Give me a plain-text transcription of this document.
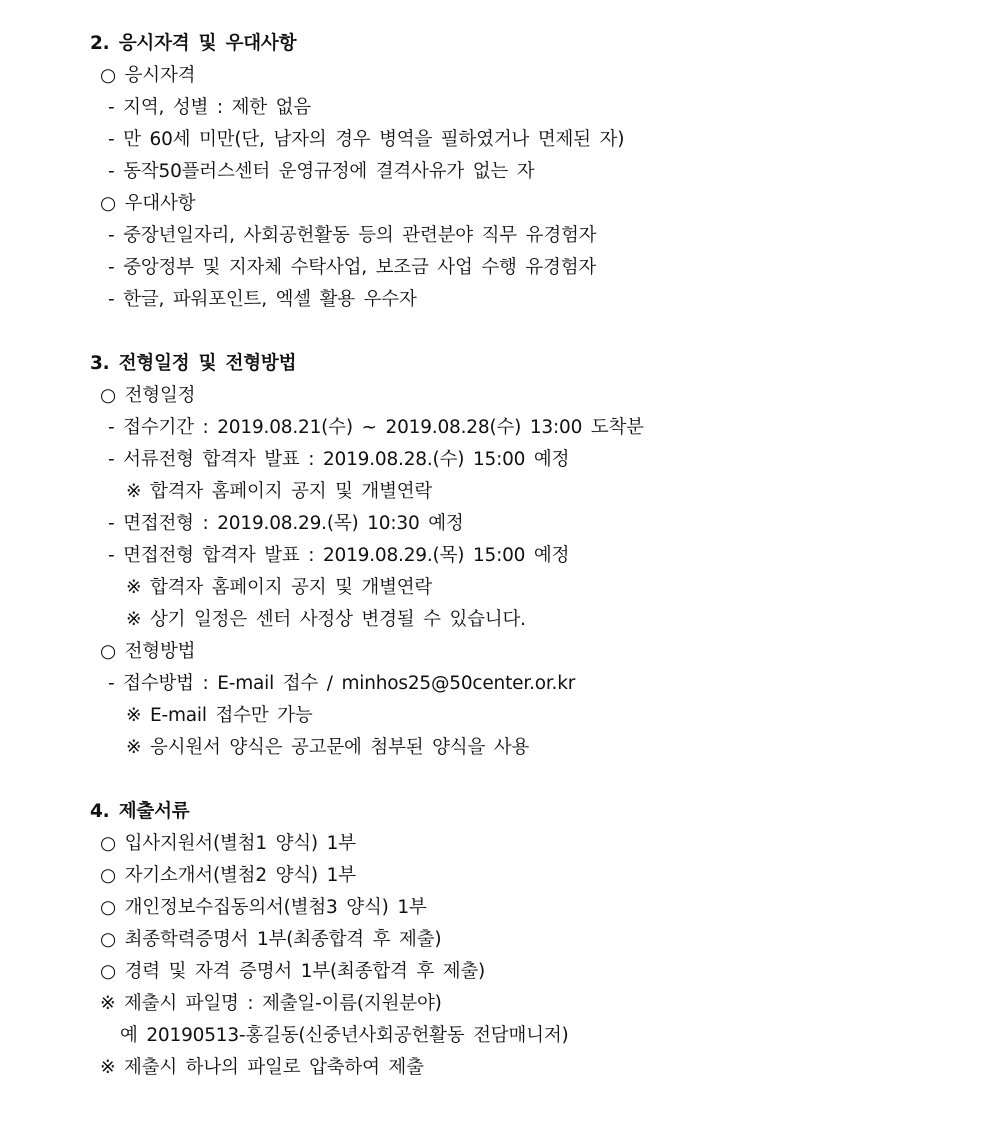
2. 응시자격 및 우대사항
○ 응시자격
- 지역, 성별 : 제한 없음
- 만 60세 미만(단, 남자의 경우 병역을 필하였거나 면제된 자)
- 동작50플러스센터 운영규정에 결격사유가 없는 자
○ 우대사항
- 중장년일자리, 사회공헌활동 등의 관련분야 직무 유경험자
- 중앙정부 및 지자체 수탁사업, 보조금 사업 수행 유경험자
- 한글, 파워포인트, 엑셀 활용 우수자
3. 전형일정 및 전형방법
○ 전형일정
- 접수기간 : 2019.08.21(수) ~ 2019.08.28(수) 13:00 도착분
- 서류전형 합격자 발표 : 2019.08.28.(수) 15:00 예정
※ 합격자 홈페이지 공지 및 개별연락
- 면접전형 : 2019.08.29.(목) 10:30 예정
- 면접전형 합격자 발표 : 2019.08.29.(목) 15:00 예정
※ 합격자 홈페이지 공지 및 개별연락
※ 상기 일정은 센터 사정상 변경될 수 있습니다.
○ 전형방법
- 접수방법 : E-mail 접수 / minhos25@50center.or.kr
※ E-mail 접수만 가능
※ 응시원서 양식은 공고문에 첨부된 양식을 사용
4. 제출서류
○ 입사지원서(별첨1 양식) 1부
○ 자기소개서(별첨2 양식) 1부
○ 개인정보수집동의서(별첨3 양식) 1부
○ 최종학력증명서 1부(최종합격 후 제출)
○ 경력 및 자격 증명서 1부(최종합격 후 제출)
※ 제출시 파일명 : 제출일-이름(지원분야)
예 20190513-홍길동(신중년사회공헌활동 전담매니저)
※ 제출시 하나의 파일로 압축하여 제출
